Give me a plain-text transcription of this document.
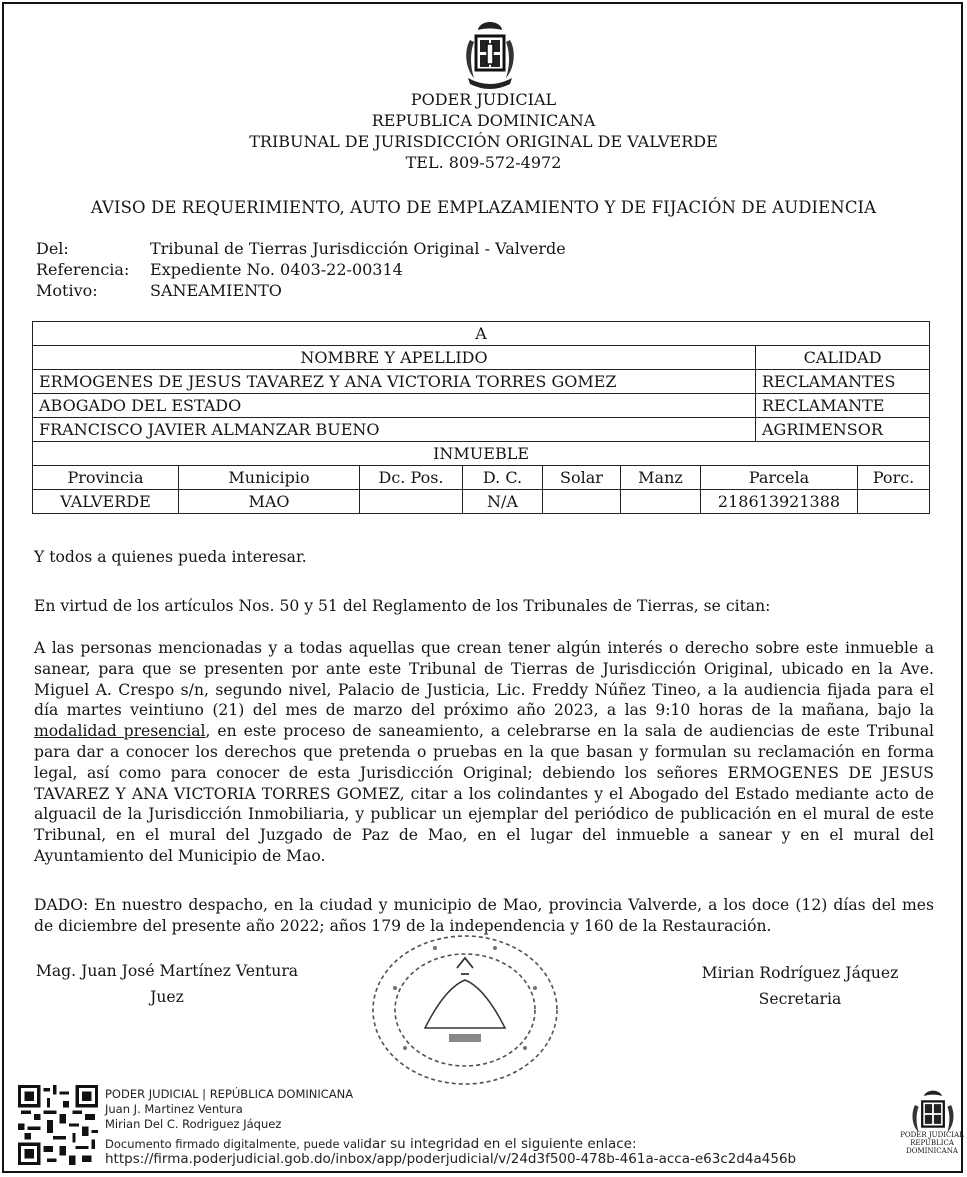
PODER JUDICIAL
REPUBLICA DOMINICANA
TRIBUNAL DE JURISDICCIÓN ORIGINAL DE VALVERDE
TEL. 809-572-4972
AVISO DE REQUERIMIENTO, AUTO DE EMPLAZAMIENTO Y DE FIJACIÓN DE AUDIENCIA
Del:	Tribunal de Tierras Jurisdicción Original - Valverde
Referencia: Expediente No. 0403-22-00314
Motivo:	SANEAMIENTO
A								
NOMBRE Y APELLIDO							CALIDAD	
ERMOGENES DE JESUS TAVAREZ Y ANA VICTORIA TORRES GOMEZ							RECLAMANTES	
ABOGADO DEL ESTADO							RECLAMANTE	
FRANCISCO JAVIER ALMANZAR BUENO							AGRIMENSOR	
INMUEBLE								
Provincia	Municipio	Dc. Pos.	D. C.	Solar	Manz	Parcela		Porc.
VALVERDE	MAO		N/A			218613921388		
Y todos a quienes pueda interesar.
En virtud de los artículos Nos. 50 y 51 del Reglamento de los Tribunales de Tierras, se citan:
A las personas mencionadas y a todas aquellas que crean tener algún interés o derecho sobre este inmueble a sanear, para que se presenten por ante este Tribunal de Tierras de Jurisdicción Original, ubicado en la Ave. Miguel A. Crespo s/n, segundo nivel, Palacio de Justicia, Lic. Freddy Núñez Tineo, a la audiencia fijada para el día martes veintiuno (21) del mes de marzo del próximo año 2023, a las 9:10 horas de la mañana, bajo la modalidad presencial, en este proceso de saneamiento, a celebrarse en la sala de audiencias de este Tribunal para dar a conocer los derechos que pretenda o pruebas en la que basan y formulan su reclamación en forma legal, así como para conocer de esta Jurisdicción Original; debiendo los señores ERMOGENES DE JESUS TAVAREZ Y ANA VICTORIA TORRES GOMEZ, citar a los colindantes y el Abogado del Estado mediante acto de alguacil de la Jurisdicción Inmobiliaria, y publicar un ejemplar del periódico de publicación en el mural de este Tribunal, en el mural del Juzgado de Paz de Mao, en el lugar del inmueble a sanear y en el mural del Ayuntamiento del Municipio de Mao.
DADO: En nuestro despacho, en la ciudad y municipio de Mao, provincia Valverde, a los doce (12) días del mes de diciembre del presente año 2022; años 179 de la independencia y 160 de la Restauración.
Mag. Juan José Martínez Ventura
Juez
Mirian Rodríguez Jáquez
Secretaria
PODER JUDICIAL | REPÚBLICA DOMINICANA
Juan J. Martinez Ventura
Mirian Del C. Rodriguez Jáquez
Documento firmado digitalmente, puede validar su integridad en el siguiente enlace:
https://firma.poderjudicial.gob.do/inbox/app/poderjudicial/v/24d3f500-478b-461a-acca-e63c2d4a456b
PODER JUDICIAL REPÚBLICA DOMINICANA
